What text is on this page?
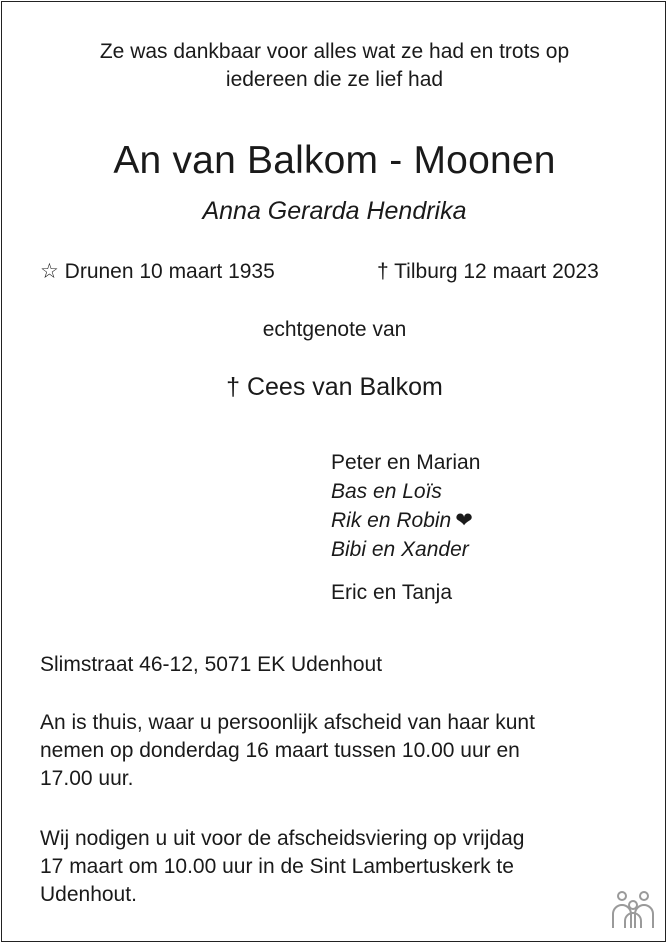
Ze was dankbaar voor alles wat ze had en trots op
iedereen die ze lief had
An van Balkom - Moonen
Anna Gerarda Hendrika
☆ Drunen 10 maart 1935	† Tilburg 12 maart 2023
echtgenote van
† Cees van Balkom
Peter en Marian
Bas en Loïs
Rik en Robin ❤
Bibi en Xander
Eric en Tanja
Slimstraat 46-12, 5071 EK Udenhout
An is thuis, waar u persoonlijk afscheid van haar kunt
nemen op donderdag 16 maart tussen 10.00 uur en
17.00 uur.
Wij nodigen u uit voor de afscheidsviering op vrijdag
17 maart om 10.00 uur in de Sint Lambertuskerk te
Udenhout.
